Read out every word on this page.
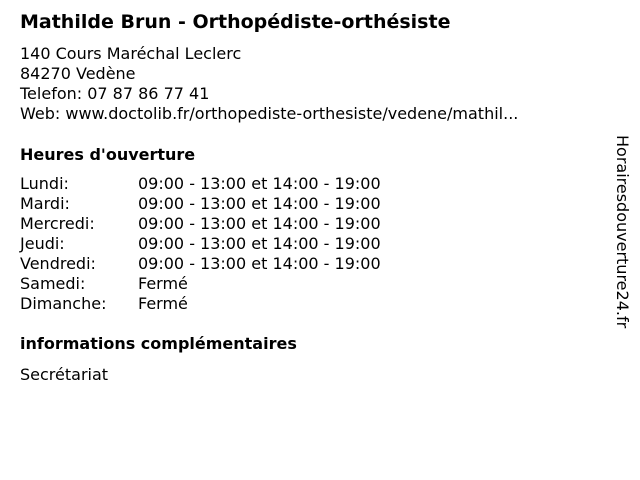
Mathilde Brun - Orthopédiste-orthésiste
140 Cours Maréchal Leclerc
84270 Vedène
Telefon: 07 87 86 77 41
Web: www.doctolib.fr/orthopediste-orthesiste/vedene/mathil...
Heures d'ouverture
Lundi:	09:00 - 13:00 et 14:00 - 19:00
Mardi:	09:00 - 13:00 et 14:00 - 19:00
Mercredi:	09:00 - 13:00 et 14:00 - 19:00
Jeudi:	09:00 - 13:00 et 14:00 - 19:00
Vendredi:	09:00 - 13:00 et 14:00 - 19:00
Samedi:	Fermé
Dimanche:	Fermé
informations complémentaires
Secrétariat
Horairesdouverture24.fr
